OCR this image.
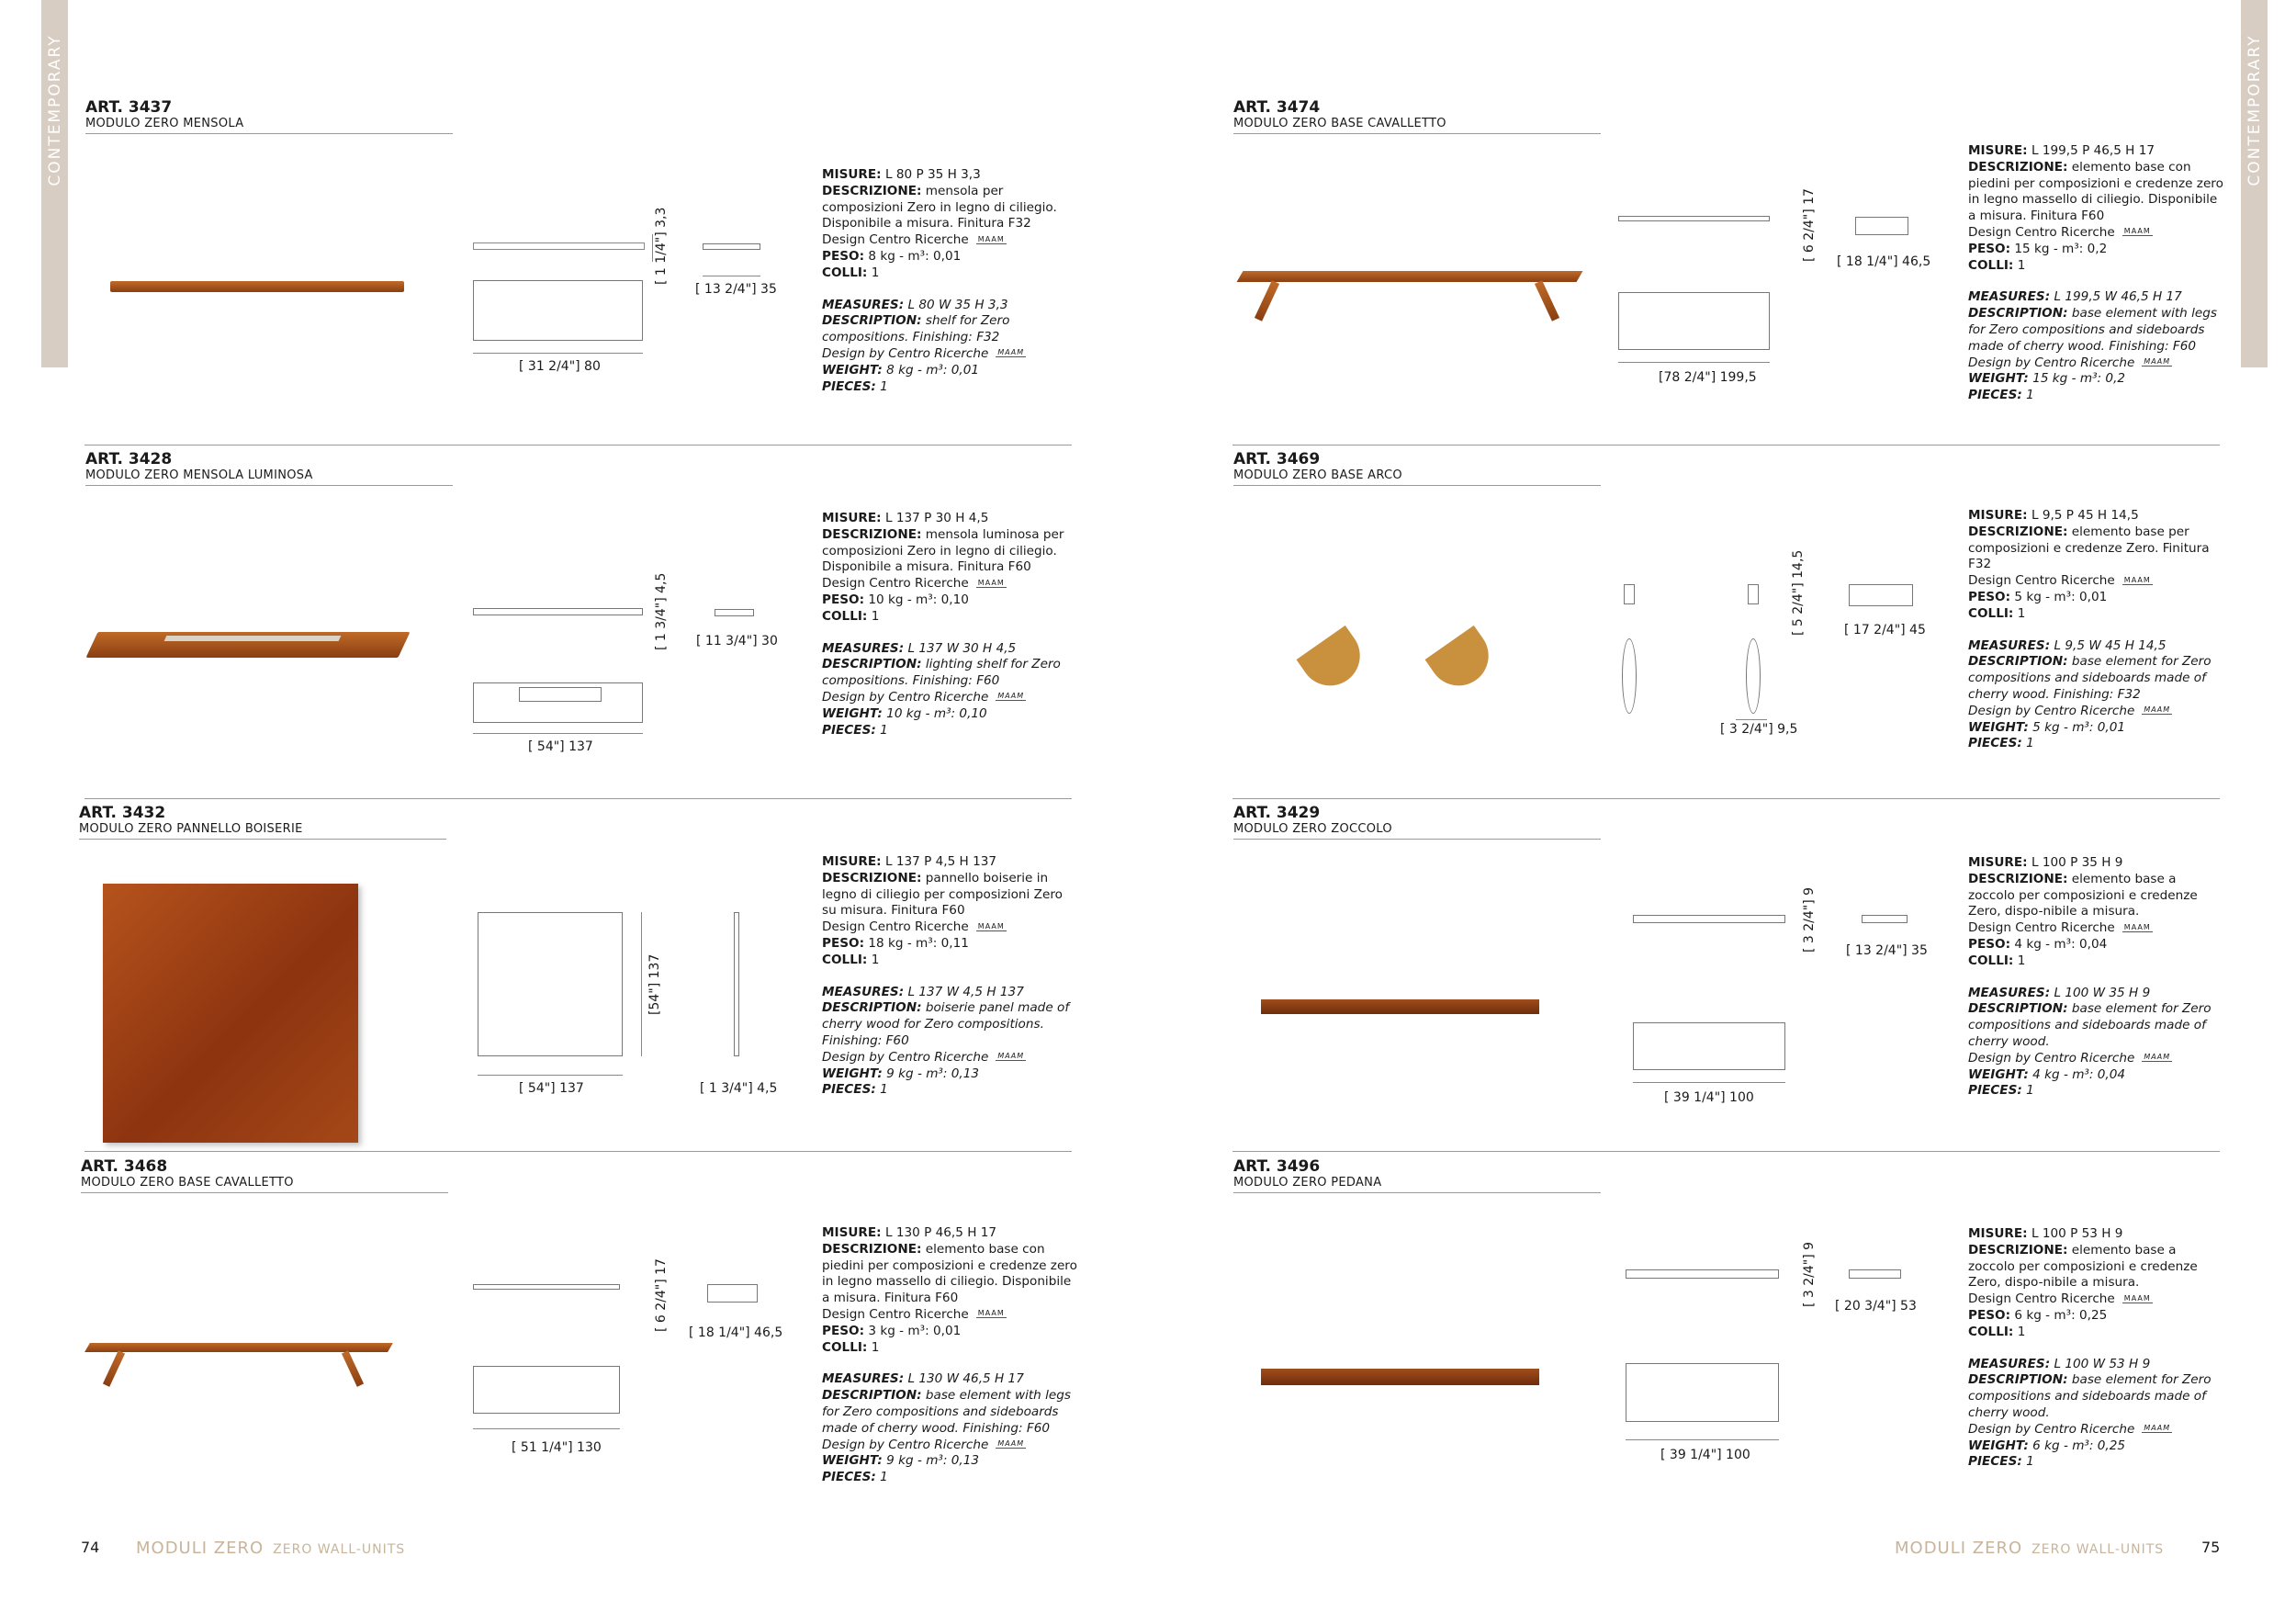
CONTEMPORARY	CONTEMPORARY
ART. 3437
MODULO ZERO MENSOLA
[ 1 1/4"] 3,3
[ 13 2/4"] 35
[ 31 2/4"] 80
MISURE: L 80 P 35 H 3,3
DESCRIZIONE: mensola per composizioni Zero in legno di ciliegio. Disponibile a misura. Finitura F32
Design Centro Ricerche MAAM
PESO: 8 kg - m³: 0,01
COLLI: 1
MEASURES: L 80 W 35 H 3,3
DESCRIPTION: shelf for Zero compositions. Finishing: F32
Design by Centro Ricerche MAAM
WEIGHT: 8 kg - m³: 0,01
PIECES: 1
ART. 3428
MODULO ZERO MENSOLA LUMINOSA
[ 1 3/4"] 4,5 [ 11 3/4"] 30
[ 54"] 137
MISURE: L 137 P 30 H 4,5
DESCRIZIONE: mensola luminosa per composizioni Zero in legno di ciliegio. Disponibile a misura. Finitura F60
Design Centro Ricerche MAAM
PESO: 10 kg - m³: 0,10
COLLI: 1
MEASURES: L 137 W 30 H 4,5
DESCRIPTION: lighting shelf for Zero compositions. Finishing: F60
Design by Centro Ricerche MAAM
WEIGHT: 10 kg - m³: 0,10
PIECES: 1
ART. 3432
MODULO ZERO PANNELLO BOISERIE
[54"] 137
[ 54"] 137	[ 1 3/4"] 4,5
MISURE: L 137 P 4,5 H 137
DESCRIZIONE: pannello boiserie in legno di ciliegio per composizioni Zero su misura. Finitura F60
Design Centro Ricerche MAAM
PESO: 18 kg - m³: 0,11
COLLI: 1
MEASURES: L 137 W 4,5 H 137
DESCRIPTION: boiserie panel made of cherry wood for Zero compositions. Finishing: F60
Design by Centro Ricerche MAAM
WEIGHT: 9 kg - m³: 0,13
PIECES: 1
ART. 3468
MODULO ZERO BASE CAVALLETTO
[ 6 2/4"] 17
[ 18 1/4"] 46,5
[ 51 1/4"] 130
MISURE: L 130 P 46,5 H 17
DESCRIZIONE: elemento base con piedini per composizioni e credenze zero in legno massello di ciliegio. Disponibile a misura. Finitura F60
Design Centro Ricerche MAAM
PESO: 3 kg - m³: 0,01
COLLI: 1
MEASURES: L 130 W 46,5 H 17
DESCRIPTION: base element with legs for Zero compositions and sideboards made of cherry wood. Finishing: F60
Design by Centro Ricerche MAAM
WEIGHT: 9 kg - m³: 0,13
PIECES: 1
ART. 3474
MODULO ZERO BASE CAVALLETTO
[ 6 2/4"] 17 [ 18 1/4"] 46,5
[78 2/4"] 199,5
MISURE: L 199,5 P 46,5 H 17
DESCRIZIONE: elemento base con piedini per composizioni e credenze zero in legno massello di ciliegio. Disponibile a misura. Finitura F60
Design Centro Ricerche MAAM
PESO: 15 kg - m³: 0,2
COLLI: 1
MEASURES: L 199,5 W 46,5 H 17
DESCRIPTION: base element with legs for Zero compositions and sideboards made of cherry wood. Finishing: F60
Design by Centro Ricerche MAAM
WEIGHT: 15 kg - m³: 0,2
PIECES: 1
ART. 3469
MODULO ZERO BASE ARCO
[ 5 2/4"] 14,5	[ 17 2/4"] 45
[ 3 2/4"] 9,5
MISURE: L 9,5 P 45 H 14,5
DESCRIZIONE: elemento base per composizioni e credenze Zero. Finitura F32
Design Centro Ricerche MAAM
PESO: 5 kg - m³: 0,01
COLLI: 1
MEASURES: L 9,5 W 45 H 14,5
DESCRIPTION: base element for Zero compositions and sideboards made of cherry wood. Finishing: F32
Design by Centro Ricerche MAAM
WEIGHT: 5 kg - m³: 0,01
PIECES: 1
ART. 3429
MODULO ZERO ZOCCOLO
[ 3 2/4"] 9 [ 13 2/4"] 35
[ 39 1/4"] 100
MISURE: L 100 P 35 H 9
DESCRIZIONE: elemento base a zoccolo per composizioni e credenze Zero, dispo-nibile a misura.
Design Centro Ricerche MAAM
PESO: 4 kg - m³: 0,04
COLLI: 1
MEASURES: L 100 W 35 H 9
DESCRIPTION: base element for Zero compositions and sideboards made of cherry wood.
Design by Centro Ricerche MAAM
WEIGHT: 4 kg - m³: 0,04
PIECES: 1
ART. 3496
MODULO ZERO PEDANA
[ 3 2/4"] 9 [ 20 3/4"] 53
[ 39 1/4"] 100
MISURE: L 100 P 53 H 9
DESCRIZIONE: elemento base a zoccolo per composizioni e credenze Zero, dispo-nibile a misura.
Design Centro Ricerche MAAM
PESO: 6 kg - m³: 0,25
COLLI: 1
MEASURES: L 100 W 53 H 9
DESCRIPTION: base element for Zero compositions and sideboards made of cherry wood.
Design by Centro Ricerche MAAM
WEIGHT: 6 kg - m³: 0,25
PIECES: 1
74 MODULI ZERO ZERO WALL-UNITS	MODULI ZERO ZERO WALL-UNITS	75
